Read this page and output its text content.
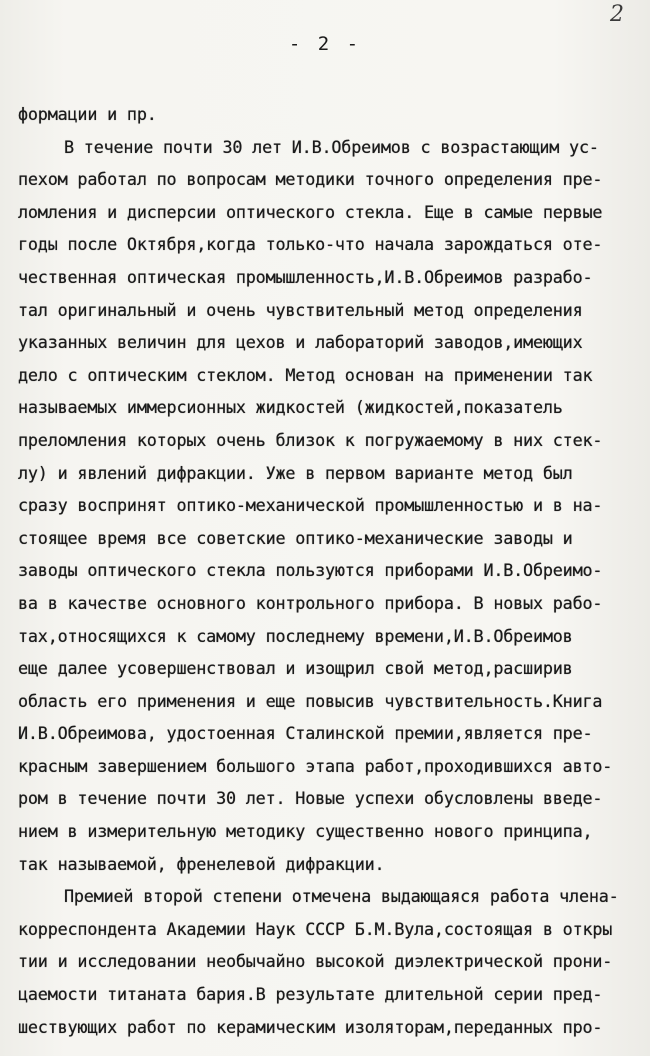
2
- 2 -
формации и пр.
В течение почти 30 лет И.В.Обреимов с возрастающим ус-
пехом работал по вопросам методики точного определения пре-
ломления и дисперсии оптического стекла. Еще в самые первые
годы после Октября,когда только-что начала зарождаться оте-
чественная оптическая промышленность,И.В.Обреимов разрабо-
тал оригинальный и очень чувствительный метод определения
указанных величин для цехов и лабораторий заводов,имеющих
дело с оптическим стеклом. Метод основан на применении так
называемых иммерсионных жидкостей (жидкостей,показатель
преломления которых очень близок к погружаемому в них стек-
лу) и явлений дифракции. Уже в первом варианте метод был
сразу воспринят оптико-механической промышленностью и в на-
стоящее время все советские оптико-механические заводы и
заводы оптического стекла пользуются приборами И.В.Обреимо-
ва в качестве основного контрольного прибора. В новых рабо-
тах,относящихся к самому последнему времени,И.В.Обреимов
еще далее усовершенствовал и изощрил свой метод,расширив
область его применения и еще повысив чувствительность.Книга
И.В.Обреимова, удостоенная Сталинской премии,является пре-
красным завершением большого этапа работ,проходившихся авто-
ром в течение почти 30 лет. Новые успехи обусловлены введе-
нием в измерительную методику существенно нового принципа,
так называемой, френелевой дифракции.
Премией второй степени отмечена выдающаяся работа члена-
корреспондента Академии Наук СССР Б.М.Вула,состоящая в откры
тии и исследовании необычайно высокой диэлектрической прони-
цаемости титаната бария.В результате длительной серии пред-
шествующих работ по керамическим изоляторам,переданных про-
